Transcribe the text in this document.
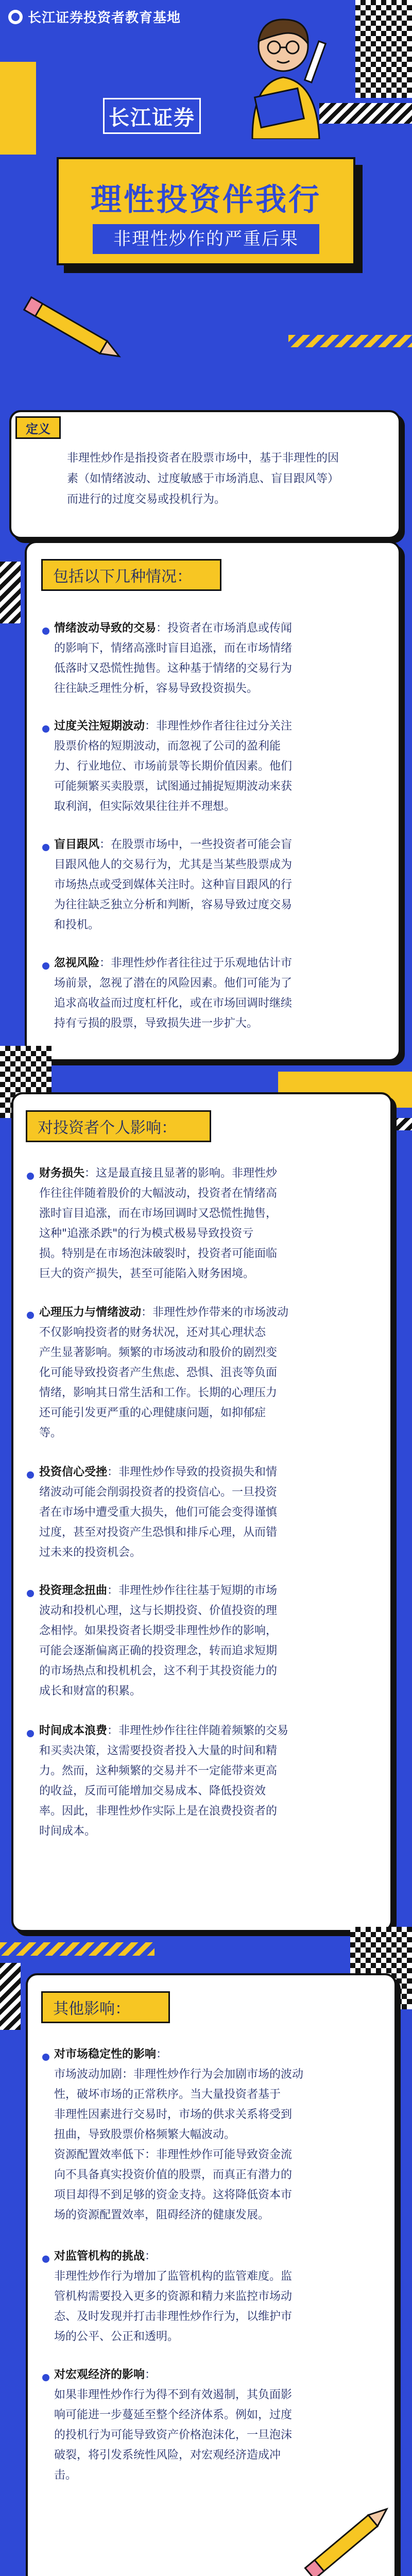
长江证券投资者教育基地
长江证券
理性投资伴我行
非理性炒作的严重后果
定义
非理性炒作是指投资者在股票市场中，基于非理性的因
素（如情绪波动、过度敏感于市场消息、盲目跟风等）
而进行的过度交易或投机行为。
包括以下几种情况：
情绪波动导致的交易：投资者在市场消息或传闻
的影响下，情绪高涨时盲目追涨，而在市场情绪
低落时又恐慌性抛售。这种基于情绪的交易行为
往往缺乏理性分析，容易导致投资损失。
过度关注短期波动：非理性炒作者往往过分关注
股票价格的短期波动，而忽视了公司的盈利能
力、行业地位、市场前景等长期价值因素。他们
可能频繁买卖股票，试图通过捕捉短期波动来获
取利润，但实际效果往往并不理想。
盲目跟风：在股票市场中，一些投资者可能会盲
目跟风他人的交易行为，尤其是当某些股票成为
市场热点或受到媒体关注时。这种盲目跟风的行
为往往缺乏独立分析和判断，容易导致过度交易
和投机。
忽视风险：非理性炒作者往往过于乐观地估计市
场前景，忽视了潜在的风险因素。他们可能为了
追求高收益而过度杠杆化，或在市场回调时继续
持有亏损的股票，导致损失进一步扩大。
对投资者个人影响：
财务损失：这是最直接且显著的影响。非理性炒
作往往伴随着股价的大幅波动，投资者在情绪高
涨时盲目追涨，而在市场回调时又恐慌性抛售，
这种"追涨杀跌"的行为模式极易导致投资亏
损。特别是在市场泡沫破裂时，投资者可能面临
巨大的资产损失，甚至可能陷入财务困境。
心理压力与情绪波动：非理性炒作带来的市场波动
不仅影响投资者的财务状况，还对其心理状态
产生显著影响。频繁的市场波动和股价的剧烈变
化可能导致投资者产生焦虑、恐惧、沮丧等负面
情绪，影响其日常生活和工作。长期的心理压力
还可能引发更严重的心理健康问题，如抑郁症
等。
投资信心受挫：非理性炒作导致的投资损失和情
绪波动可能会削弱投资者的投资信心。一旦投资
者在市场中遭受重大损失，他们可能会变得谨慎
过度，甚至对投资产生恐惧和排斥心理，从而错
过未来的投资机会。
投资理念扭曲：非理性炒作往往基于短期的市场
波动和投机心理，这与长期投资、价值投资的理
念相悖。如果投资者长期受非理性炒作的影响，
可能会逐渐偏离正确的投资理念，转而追求短期
的市场热点和投机机会，这不利于其投资能力的
成长和财富的积累。
时间成本浪费：非理性炒作往往伴随着频繁的交易
和买卖决策，这需要投资者投入大量的时间和精
力。然而，这种频繁的交易并不一定能带来更高
的收益，反而可能增加交易成本、降低投资效
率。因此，非理性炒作实际上是在浪费投资者的
时间成本。
其他影响：
对市场稳定性的影响：
市场波动加剧：非理性炒作行为会加剧市场的波动
性，破坏市场的正常秩序。当大量投资者基于
非理性因素进行交易时，市场的供求关系将受到
扭曲，导致股票价格频繁大幅波动。
资源配置效率低下：非理性炒作可能导致资金流
向不具备真实投资价值的股票，而真正有潜力的
项目却得不到足够的资金支持。这将降低资本市
场的资源配置效率，阻碍经济的健康发展。
对监管机构的挑战：
非理性炒作行为增加了监管机构的监管难度。监
管机构需要投入更多的资源和精力来监控市场动
态、及时发现并打击非理性炒作行为，以维护市
场的公平、公正和透明。
对宏观经济的影响：
如果非理性炒作行为得不到有效遏制，其负面影
响可能进一步蔓延至整个经济体系。例如，过度
的投机行为可能导致资产价格泡沫化，一旦泡沫
破裂，将引发系统性风险，对宏观经济造成冲
击。
